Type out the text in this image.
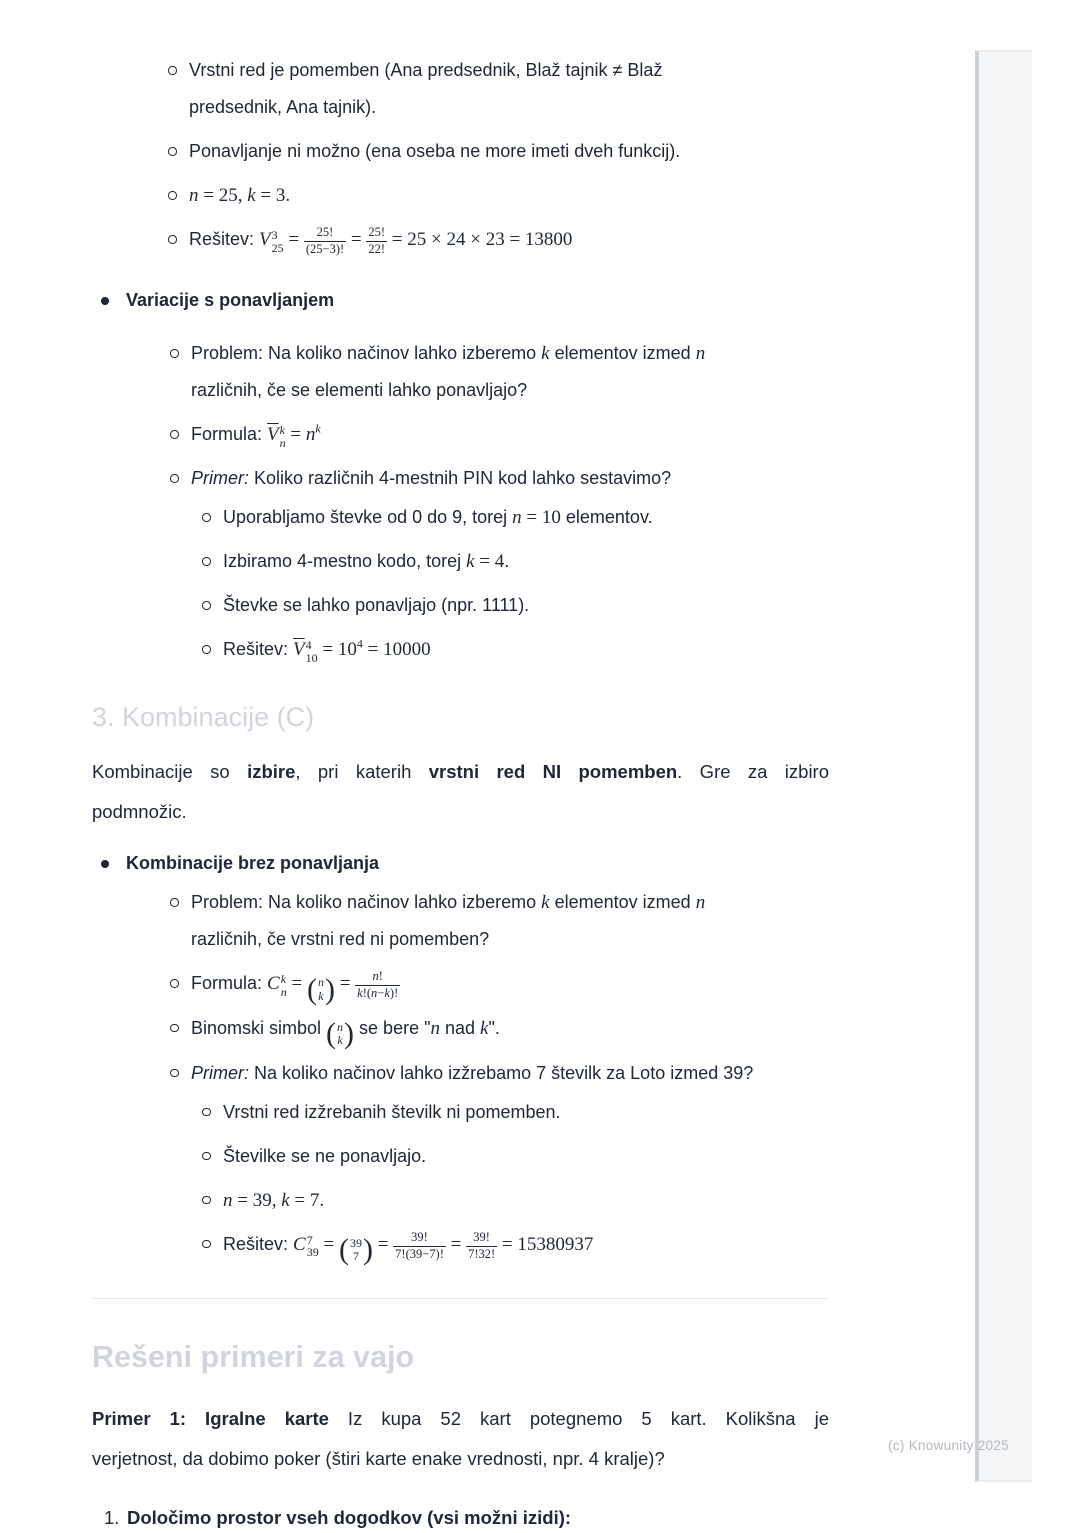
Vrstni red je pomemben (Ana predsednik, Blaž tajnik ≠ Blaž
predsednik, Ana tajnik).
Ponavljanje ni možno (ena oseba ne more imeti dveh funkcij).
n = 25, k = 3.
Rešitev: V 3
$25 = \frac{25!}{(25-3)!} = \frac{25!}{22!} = 25 \times 24 \times 23 = 13800$
Variacije s ponavljanjem
Problem: Na koliko načinov lahko izberemo k elementov izmed n
različnih, če se elementi lahko ponavljajo?
Formula: $\overline{V}$ k
$n = n^k$
Primer: Koliko različnih 4-mestnih PIN kod lahko sestavimo?
Uporabljamo števke od 0 do 9, torej n = 10 elementov.
Izbiramo 4-mestno kodo, torej k = 4.
Števke se lahko ponavljajo (npr. 1111).
Rešitev: $\overline{V}$ 4
$10 = 10^4 = 10000$
3. Kombinacije (C)

Kombinacije so izbire, pri katerih vrstni red NI pomemben. Gre za izbiro
podmnožic.

Kombinacije brez ponavljanja
Problem: Na koliko načinov lahko izberemo k elementov izmed n
različnih, če vrstni red ni pomemben?
Formula: C k
n = ( n
k ) = $\frac{n!}{k!(n-k)!}$
Binomski simbol ( n
k ) se bere "n nad k".
Primer: Na koliko načinov lahko izžrebamo 7 številk za Loto izmed 39?
Vrstni red izžrebanih številk ni pomemben.
Številke se ne ponavljajo.
n = 39, k = 7.
Rešitev: C 7
39 = ( 39
7 ) = $\frac{39!}{7!(39-7)!} = \frac{39!}{7!32!} = 15380937$
Rešeni primeri za vajo

Primer 1: Igralne karte Iz kupa 52 kart potegnemo 5 kart. Kolikšna je
verjetnost, da dobimo poker (štiri karte enake vrednosti, npr. 4 kralje)?

1. Določimo prostor vseh dogodkov (vsi možni izidi):
(c) Knowunity 2025
